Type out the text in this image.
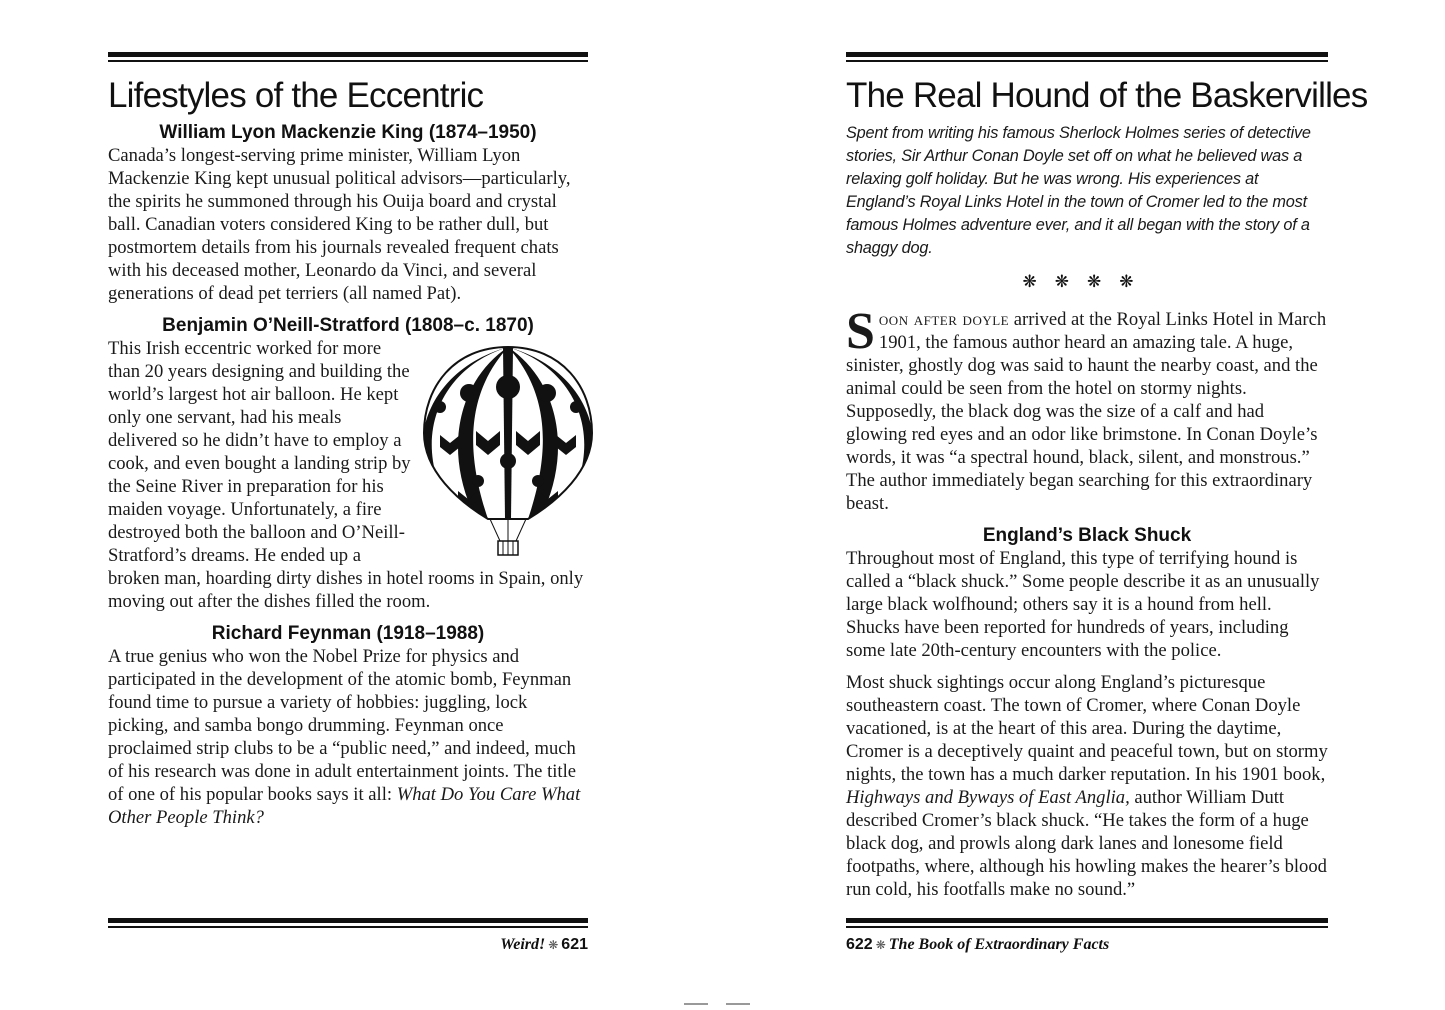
Lifestyles of the Eccentric
William Lyon Mackenzie King (1874–1950)

Canada’s longest-serving prime minister, William Lyon Mackenzie King kept unusual political advisors—particularly, the spirits he summoned through his Ouija board and crystal ball. Canadian voters considered King to be rather dull, but postmortem details from his journals revealed frequent chats with his deceased mother, Leonardo da Vinci, and several generations of dead pet terriers (all named Pat).

Benjamin O’Neill-Stratford (1808–c. 1870)

This Irish eccentric worked for more than 20 years designing and building the world’s largest hot air balloon. He kept only one servant, had his meals delivered so he didn’t have to employ a cook, and even bought a landing strip by the Seine River in preparation for his maiden voyage. Unfortunately, a fire destroyed both the balloon and O’Neill-Stratford’s dreams. He ended up a broken man, hoarding dirty dishes in hotel rooms in Spain, only moving out after the dishes filled the room.

Richard Feynman (1918–1988)

A true genius who won the Nobel Prize for physics and participated in the development of the atomic bomb, Feynman found time to pursue a variety of hobbies: juggling, lock picking, and samba bongo drumming. Feynman once proclaimed strip clubs to be a “public need,” and indeed, much of his research was done in adult entertainment joints. The title of one of his popular books says it all: What Do You Care What Other People Think?

Weird! ❋ 621
The Real Hound of the Baskervilles
Spent from writing his famous Sherlock Holmes series of detective stories, Sir Arthur Conan Doyle set off on what he believed was a relaxing golf holiday. But he was wrong. His experiences at England’s Royal Links Hotel in the town of Cromer led to the most famous Holmes adventure ever, and it all began with the story of a shaggy dog.
❋❋❋❋

Soon after doyle arrived at the Royal Links Hotel in March 1901, the famous author heard an amazing tale. A huge, sinister, ghostly dog was said to haunt the nearby coast, and the animal could be seen from the hotel on stormy nights. Supposedly, the black dog was the size of a calf and had glowing red eyes and an odor like brimstone. In Conan Doyle’s words, it was “a spectral hound, black, silent, and monstrous.” The author immediately began searching for this extraordinary beast.

England’s Black Shuck

Throughout most of England, this type of terrifying hound is called a “black shuck.” Some people describe it as an unusually large black wolfhound; others say it is a hound from hell. Shucks have been reported for hundreds of years, including some late 20th-century encounters with the police.

Most shuck sightings occur along England’s picturesque southeastern coast. The town of Cromer, where Conan Doyle vacationed, is at the heart of this area. During the daytime, Cromer is a deceptively quaint and peaceful town, but on stormy nights, the town has a much darker reputation. In his 1901 book,
Highways and Byways of East Anglia, author William Dutt described Cromer’s black shuck. “He takes the form of a huge black dog, and prowls along dark lanes and lonesome field footpaths, where, although his howling makes the hearer’s blood run cold, his footfalls make no sound.”

622 ❋ The Book of Extraordinary Facts
